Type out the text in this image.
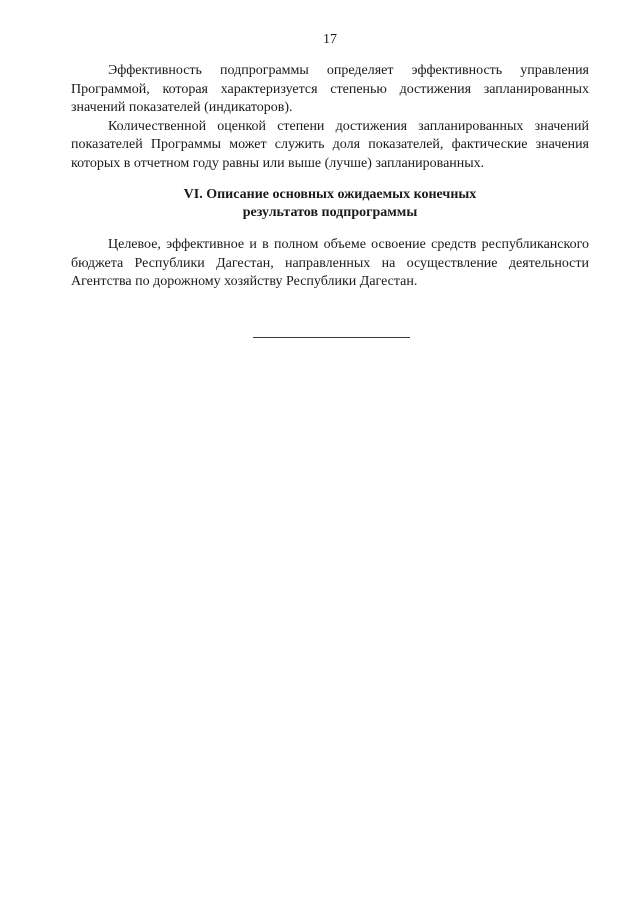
17

Эффективность подпрограммы определяет эффективность управления Программой, которая характеризуется степенью достижения запланированных значений показателей (индикаторов).

Количественной оценкой степени достижения запланированных значений показателей Программы может служить доля показателей, фактические значения которых в отчетном году равны или выше (лучше) запланированных.

VI. Описание основных ожидаемых конечных
результатов подпрограммы

Целевое, эффективное и в полном объеме освоение средств республиканского бюджета Республики Дагестан, направленных на осуществление деятельности Агентства по дорожному хозяйству Республики Дагестан.
